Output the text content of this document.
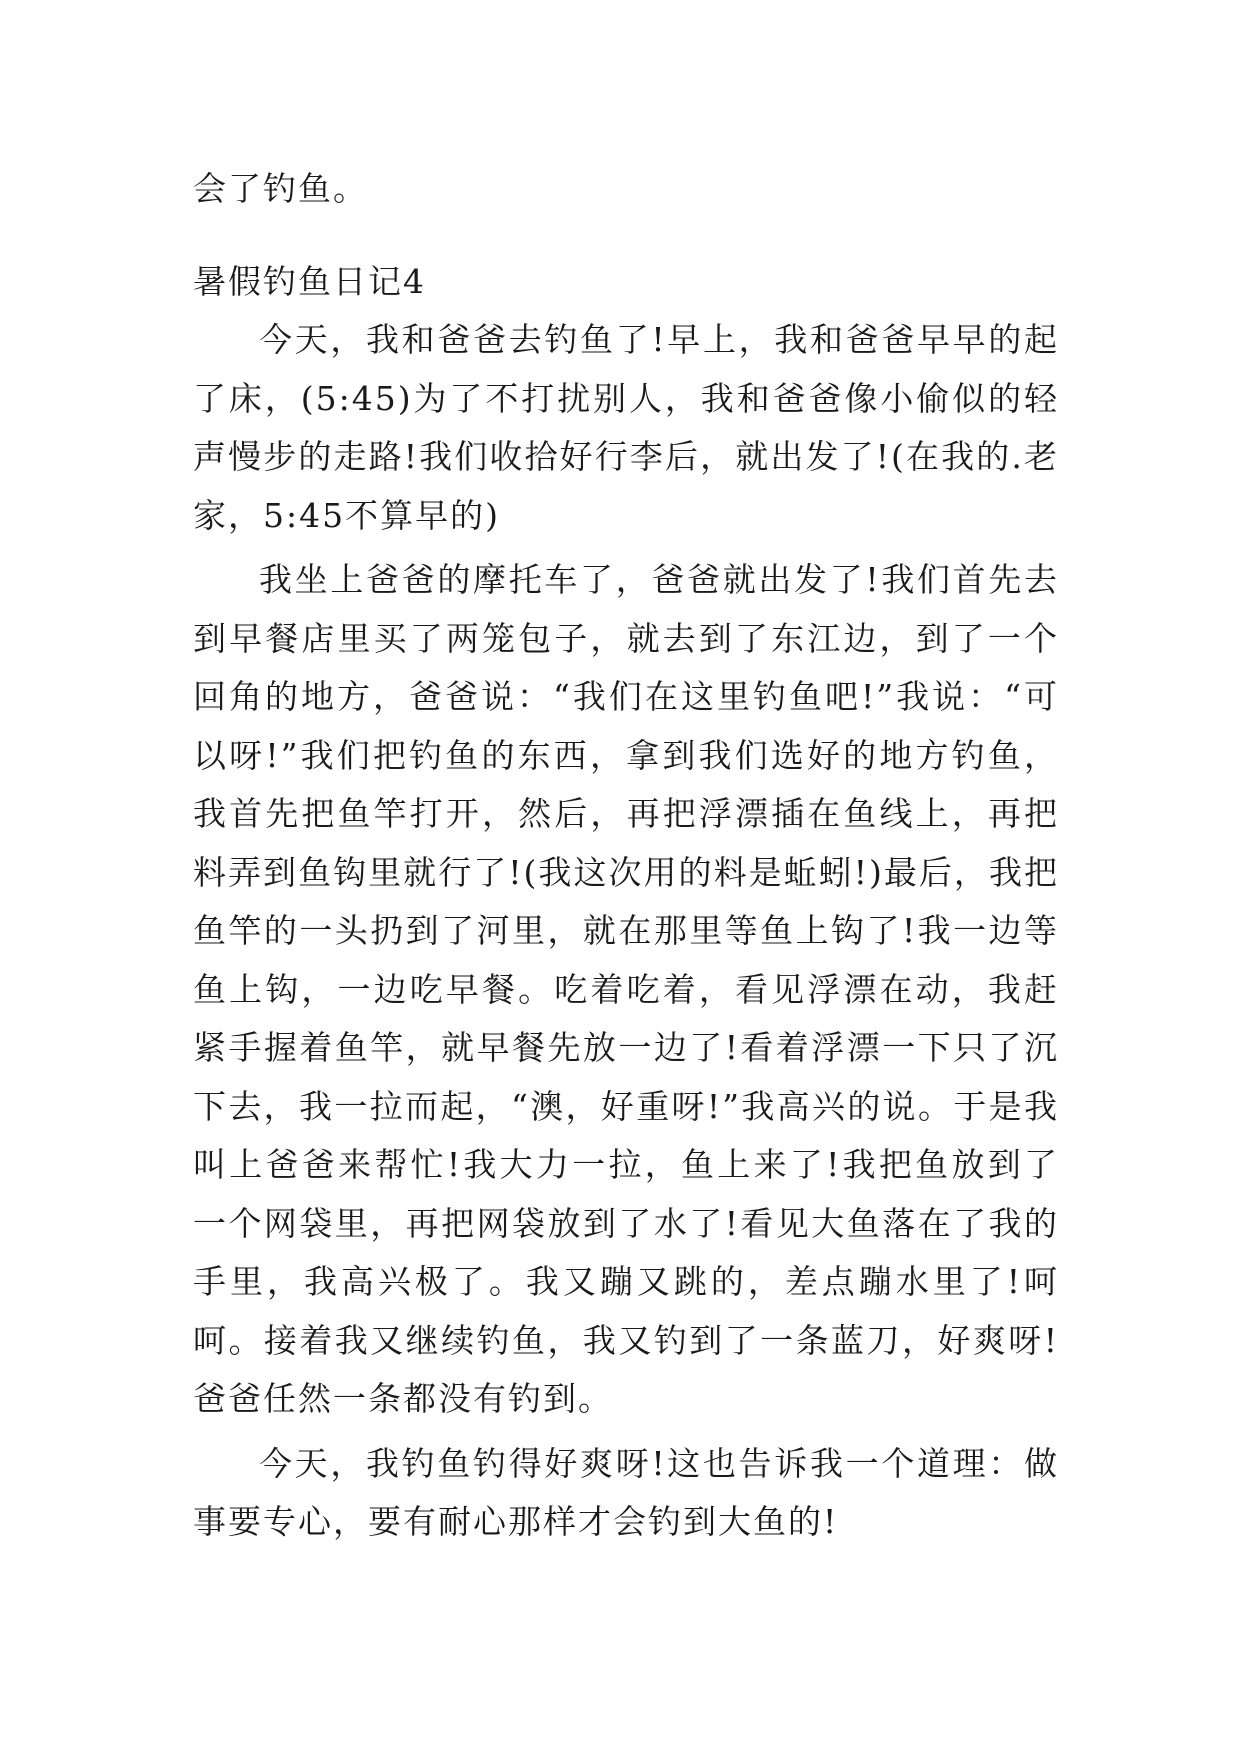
会了钓鱼。

暑假钓鱼日记4

今天，我和爸爸去钓鱼了!早上，我和爸爸早早的起了床，(5:45)为了不打扰别人，我和爸爸像小偷似的轻声慢步的走路!我们收拾好行李后，就出发了!(在我的.老家，5:45不算早的)

我坐上爸爸的摩托车了，爸爸就出发了!我们首先去到早餐店里买了两笼包子，就去到了东江边，到了一个回角的地方，爸爸说：“我们在这里钓鱼吧!”我说：“可以呀!”我们把钓鱼的东西，拿到我们选好的地方钓鱼，我首先把鱼竿打开，然后，再把浮漂插在鱼线上，再把料弄到鱼钩里就行了!(我这次用的料是蚯蚓!)最后，我把鱼竿的一头扔到了河里，就在那里等鱼上钩了!我一边等鱼上钩，一边吃早餐。吃着吃着，看见浮漂在动，我赶紧手握着鱼竿，就早餐先放一边了!看着浮漂一下只了沉下去，我一拉而起，“澳，好重呀!”我高兴的说。于是我叫上爸爸来帮忙!我大力一拉，鱼上来了!我把鱼放到了一个网袋里，再把网袋放到了水了!看见大鱼落在了我的手里，我高兴极了。我又蹦又跳的，差点蹦水里了!呵呵。接着我又继续钓鱼，我又钓到了一条蓝刀，好爽呀!爸爸任然一条都没有钓到。

今天，我钓鱼钓得好爽呀!这也告诉我一个道理：做事要专心，要有耐心那样才会钓到大鱼的!
